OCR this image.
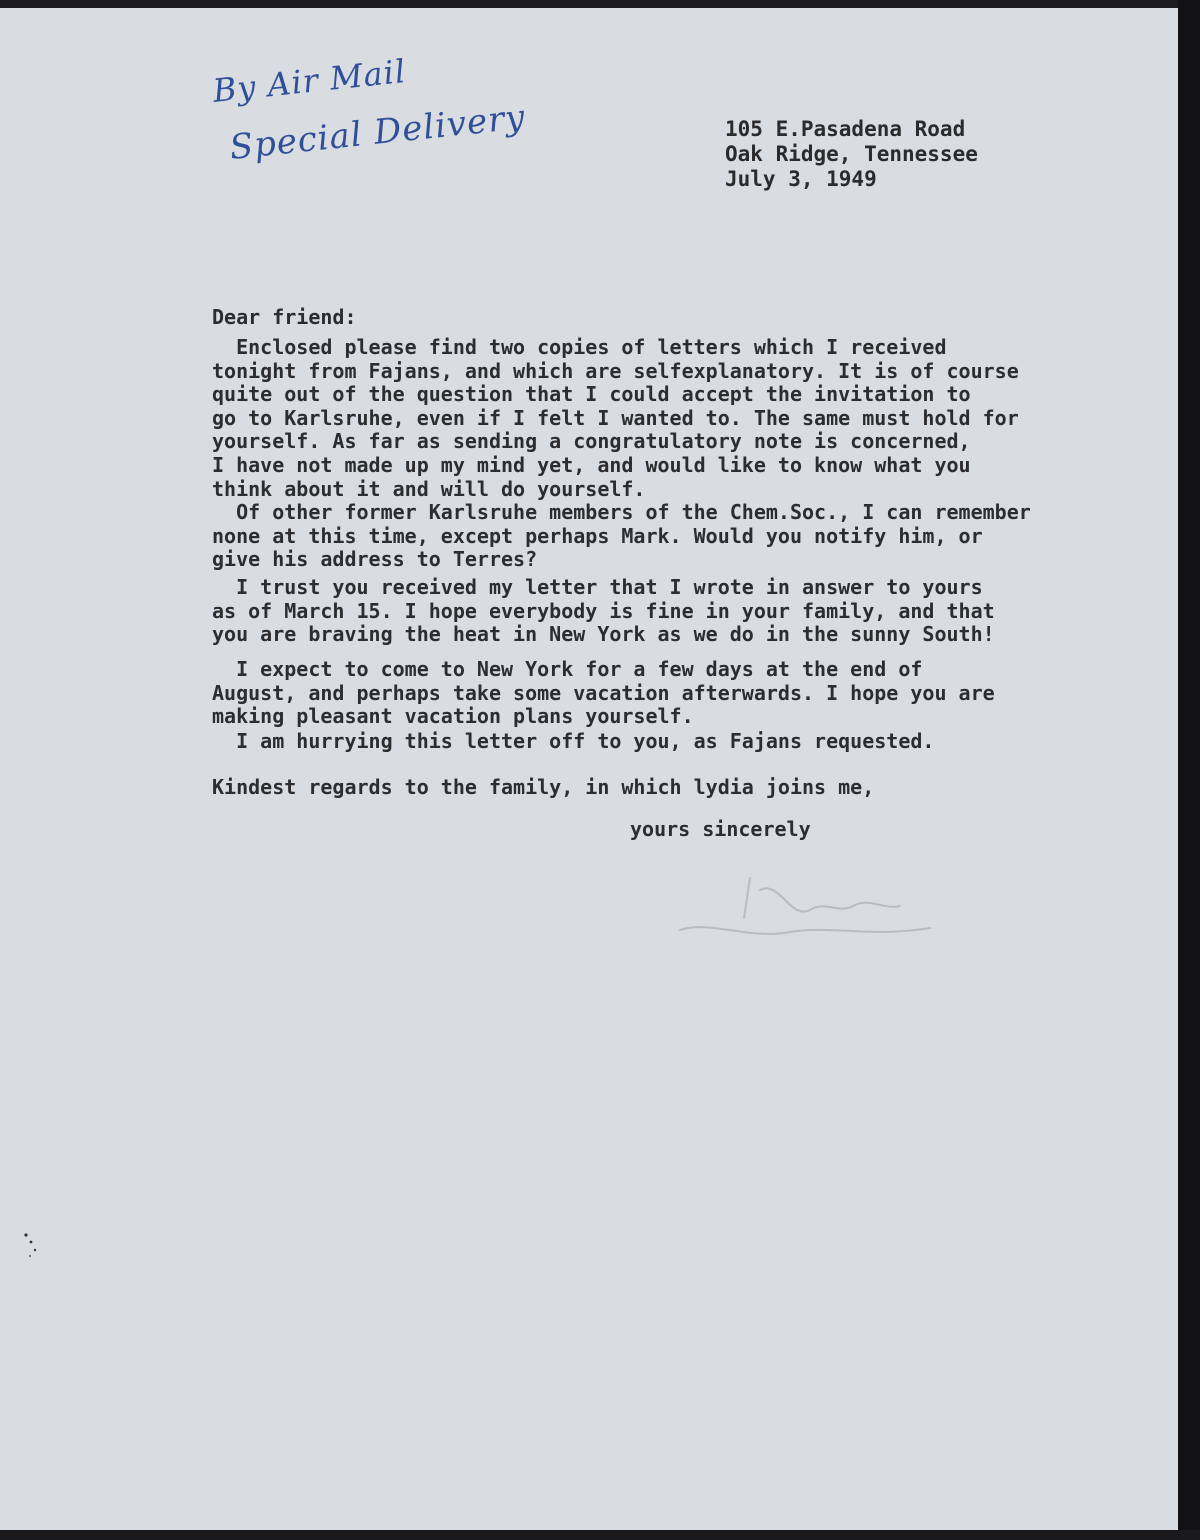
By Air Mail
Special Delivery	105 E.Pasadena Road
Oak Ridge, Tennessee
July 3, 1949
Dear friend:
Enclosed please find two copies of letters which I received
tonight from Fajans, and which are selfexplanatory. It is of course
quite out of the question that I could accept the invitation to
go to Karlsruhe, even if I felt I wanted to. The same must hold for
yourself. As far as sending a congratulatory note is concerned,
I have not made up my mind yet, and would like to know what you
think about it and will do yourself.
Of other former Karlsruhe members of the Chem.Soc., I can remember
none at this time, except perhaps Mark. Would you notify him, or
give his address to Terres?
I trust you received my letter that I wrote in answer to yours
as of March 15. I hope everybody is fine in your family, and that
you are braving the heat in New York as we do in the sunny South!
I expect to come to New York for a few days at the end of
August, and perhaps take some vacation afterwards. I hope you are
making pleasant vacation plans yourself.
I am hurrying this letter off to you, as Fajans requested.
Kindest regards to the family, in which lydia joins me,
yours sincerely
